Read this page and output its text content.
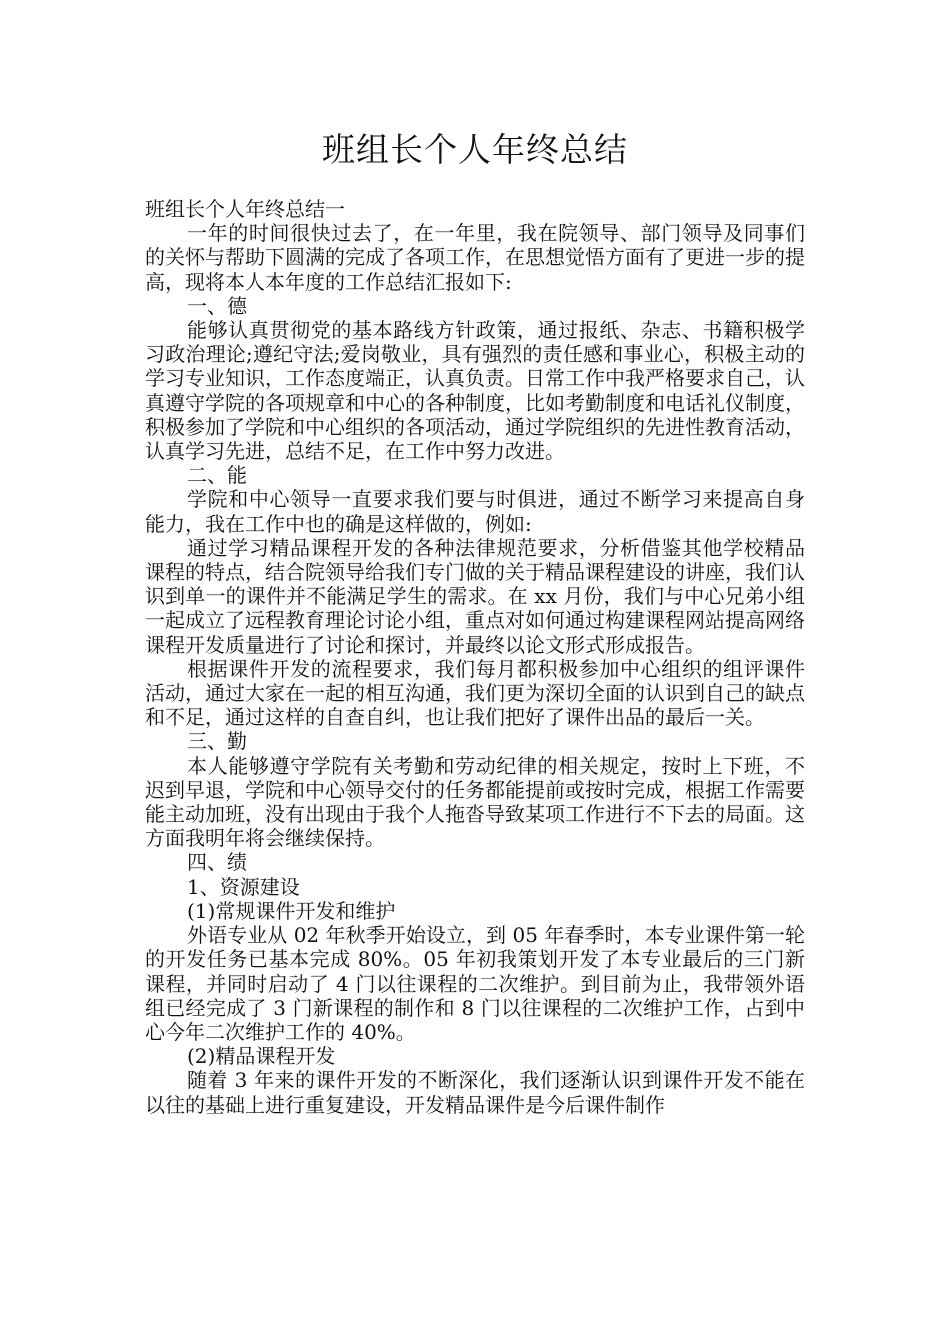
班组长个人年终总结

班组长个人年终总结一

一年的时间很快过去了，在一年里，我在院领导、部门领导及同事们的关怀与帮助下圆满的完成了各项工作，在思想觉悟方面有了更进一步的提高，现将本人本年度的工作总结汇报如下:

一、德

能够认真贯彻党的基本路线方针政策，通过报纸、杂志、书籍积极学习政治理论;遵纪守法;爱岗敬业，具有强烈的责任感和事业心，积极主动的学习专业知识，工作态度端正，认真负责。日常工作中我严格要求自己，认真遵守学院的各项规章和中心的各种制度，比如考勤制度和电话礼仪制度，积极参加了学院和中心组织的各项活动，通过学院组织的先进性教育活动，认真学习先进，总结不足，在工作中努力改进。

二、能

学院和中心领导一直要求我们要与时俱进，通过不断学习来提高自身能力，我在工作中也的确是这样做的，例如:

通过学习精品课程开发的各种法律规范要求，分析借鉴其他学校精品课程的特点，结合院领导给我们专门做的关于精品课程建设的讲座，我们认识到单一的课件并不能满足学生的需求。在 xx 月份，我们与中心兄弟小组一起成立了远程教育理论讨论小组，重点对如何通过构建课程网站提高网络课程开发质量进行了讨论和探讨，并最终以论文形式形成报告。

根据课件开发的流程要求，我们每月都积极参加中心组织的组评课件活动，通过大家在一起的相互沟通，我们更为深切全面的认识到自己的缺点和不足，通过这样的自查自纠，也让我们把好了课件出品的最后一关。

三、勤

本人能够遵守学院有关考勤和劳动纪律的相关规定，按时上下班，不迟到早退，学院和中心领导交付的任务都能提前或按时完成，根据工作需要能主动加班，没有出现由于我个人拖沓导致某项工作进行不下去的局面。这方面我明年将会继续保持。

四、绩

1、资源建设

(1)常规课件开发和维护

外语专业从 02 年秋季开始设立，到 05 年春季时，本专业课件第一轮的开发任务已基本完成 80%。05 年初我策划开发了本专业最后的三门新课程，并同时启动了 4 门以往课程的二次维护。到目前为止，我带领外语组已经完成了 3 门新课程的制作和 8 门以往课程的二次维护工作，占到中心今年二次维护工作的 40%。

(2)精品课程开发

随着 3 年来的课件开发的不断深化，我们逐渐认识到课件开发不能在以往的基础上进行重复建设，开发精品课件是今后课件制作
